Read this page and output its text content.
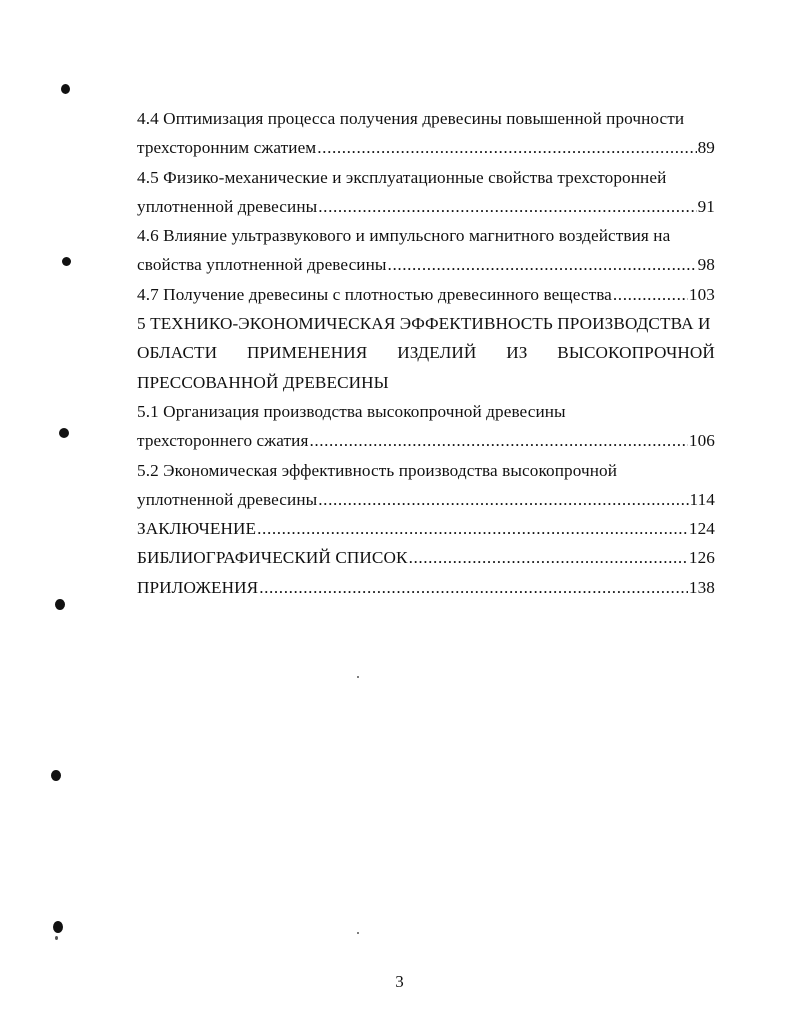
4.4 Оптимизация процесса получения древесины повышенной прочности
трехсторонним сжатием .....	89
4.5 Физико-механические и эксплуатационные свойства трехсторонней
уплотненной древесины .....	91
4.6 Влияние ультразвукового и импульсного магнитного воздействия на
свойства уплотненной древесины .....	98
4.7 Получение древесины с плотностью древесинного вещества .....	103
5 ТЕХНИКО-ЭКОНОМИЧЕСКАЯ ЭФФЕКТИВНОСТЬ ПРОИЗВОДСТВА И
ОБЛАСТИ ПРИМЕНЕНИЯ ИЗДЕЛИЙ ИЗ ВЫСОКОПРОЧНОЙ
ПРЕССОВАННОЙ ДРЕВЕСИНЫ
5.1 Организация производства высокопрочной древесины
трехстороннего сжатия .....	106
5.2 Экономическая эффективность производства высокопрочной
уплотненной древесины .....	114
ЗАКЛЮЧЕНИЕ .....	124
БИБЛИОГРАФИЧЕСКИЙ СПИСОК .....	126
ПРИЛОЖЕНИЯ .....	138
3
